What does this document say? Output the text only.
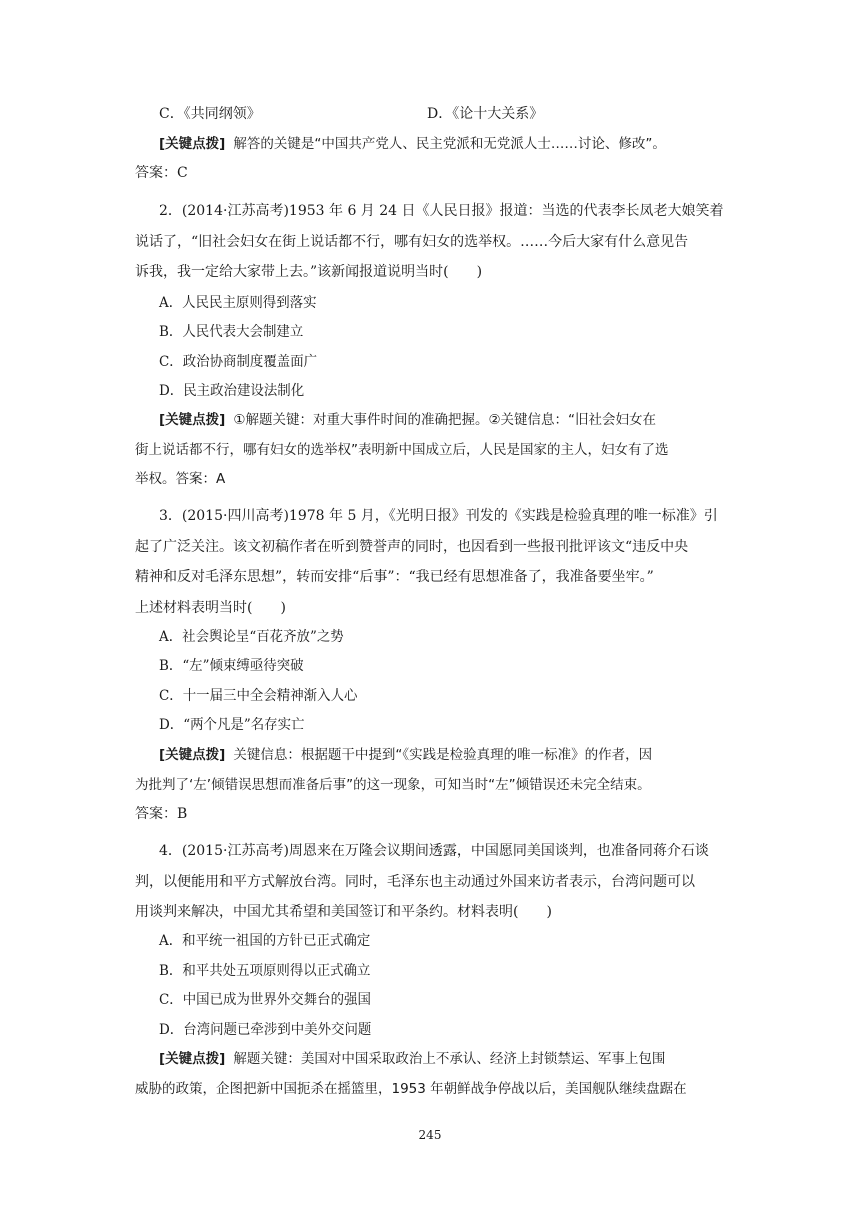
C．《共同纲领》	D．《论十大关系》
[关键点拨] 解答的关键是“中国共产党人、民主党派和无党派人士……讨论、修改”。
答案：C
2．(2014·江苏高考)1953 年 6 月 24 日《人民日报》报道：当选的代表李长凤老大娘笑着
说话了，“旧社会妇女在街上说话都不行，哪有妇女的选举权。……今后大家有什么意见告
诉我，我一定给大家带上去。”该新闻报道说明当时(　　)
A．人民民主原则得到落实
B．人民代表大会制建立
C．政治协商制度覆盖面广
D．民主政治建设法制化
[关键点拨] ①解题关键：对重大事件时间的准确把握。②关键信息：“旧社会妇女在
街上说话都不行，哪有妇女的选举权”表明新中国成立后，人民是国家的主人，妇女有了选
举权。答案：A
3．(2015·四川高考)1978 年 5 月，《光明日报》刊发的《实践是检验真理的唯一标准》引
起了广泛关注。该文初稿作者在听到赞誉声的同时，也因看到一些报刊批评该文“违反中央
精神和反对毛泽东思想”，转而安排“后事”：“我已经有思想准备了，我准备要坐牢。”
上述材料表明当时(　　)
A．社会舆论呈“百花齐放”之势
B．“左”倾束缚亟待突破
C．十一届三中全会精神渐入人心
D．“两个凡是”名存实亡
[关键点拨] 关键信息：根据题干中提到“《实践是检验真理的唯一标准》的作者，因
为批判了‘左’倾错误思想而准备后事”的这一现象，可知当时“左”倾错误还未完全结束。
答案：B
4．(2015·江苏高考)周恩来在万隆会议期间透露，中国愿同美国谈判，也准备同蒋介石谈
判，以便能用和平方式解放台湾。同时，毛泽东也主动通过外国来访者表示，台湾问题可以
用谈判来解决，中国尤其希望和美国签订和平条约。材料表明(　　)
A．和平统一祖国的方针已正式确定
B．和平共处五项原则得以正式确立
C．中国已成为世界外交舞台的强国
D．台湾问题已牵涉到中美外交问题
[关键点拨] 解题关键：美国对中国采取政治上不承认、经济上封锁禁运、军事上包围
威胁的政策，企图把新中国扼杀在摇篮里，1953 年朝鲜战争停战以后，美国舰队继续盘踞在
245
